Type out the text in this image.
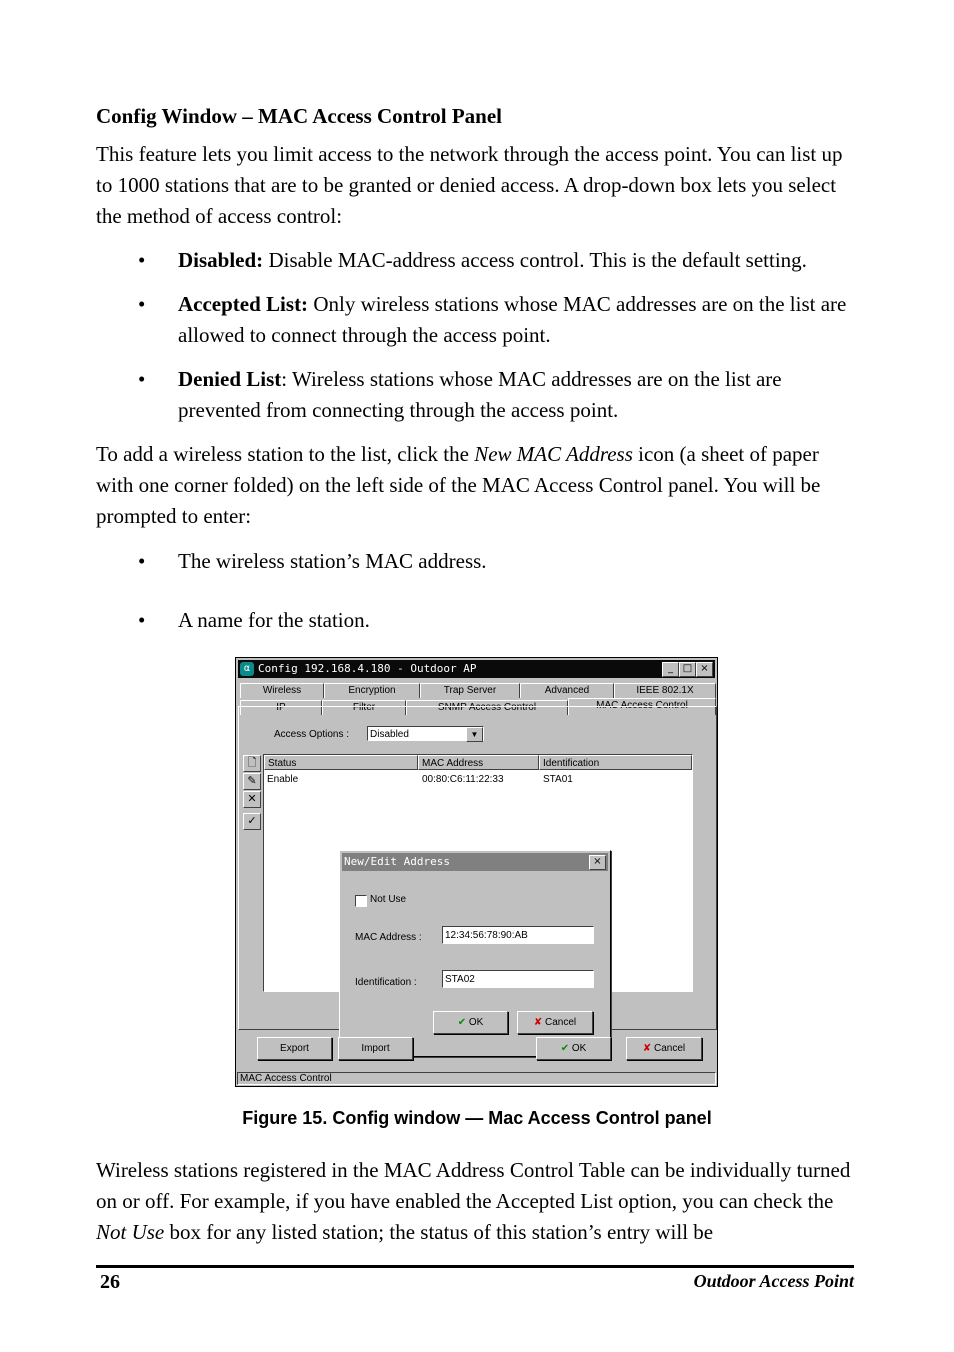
Config Window – MAC Access Control Panel
This feature lets you limit access to the network through the access point. You can list up to 1000 stations that are to be granted or denied access. A drop-down box lets you select the method of access control:
• Disabled: Disable MAC-address access control. This is the default setting.
• Accepted List: Only wireless stations whose MAC addresses are on the list are allowed to connect through the access point.
• Denied List: Wireless stations whose MAC addresses are on the list are prevented from connecting through the access point.
To add a wireless station to the list, click the New MAC Address icon (a sheet of paper with one corner folded) on the left side of the MAC Access Control panel. You will be prompted to enter:
• The wireless station’s MAC address.
• A name for the station.
α Config 192.168.4.180 - Outdoor AP	_ □ ×
Wireless	Encryption	Trap Server	Advanced	IEEE 802.1X
IP	Filter	SNMP Access Control	MAC Access Control
Access Options :	Disabled	▼
🗋
✎
✕
✓
Status	MAC Address	Identification
Enable	00:80:C6:11:22:33	STA01
New/Edit Address	×
Not Use
MAC Address :	12:34:56:78:90:AB
Identification :	STA02
✔ OK	✘ Cancel
Export	Import	✔ OK	✘ Cancel
MAC Access Control
Figure 15. Config window — Mac Access Control panel
Wireless stations registered in the MAC Address Control Table can be individually turned on or off. For example, if you have enabled the Accepted List option, you can check the Not Use box for any listed station; the status of this station’s entry will be
26	Outdoor Access Point
